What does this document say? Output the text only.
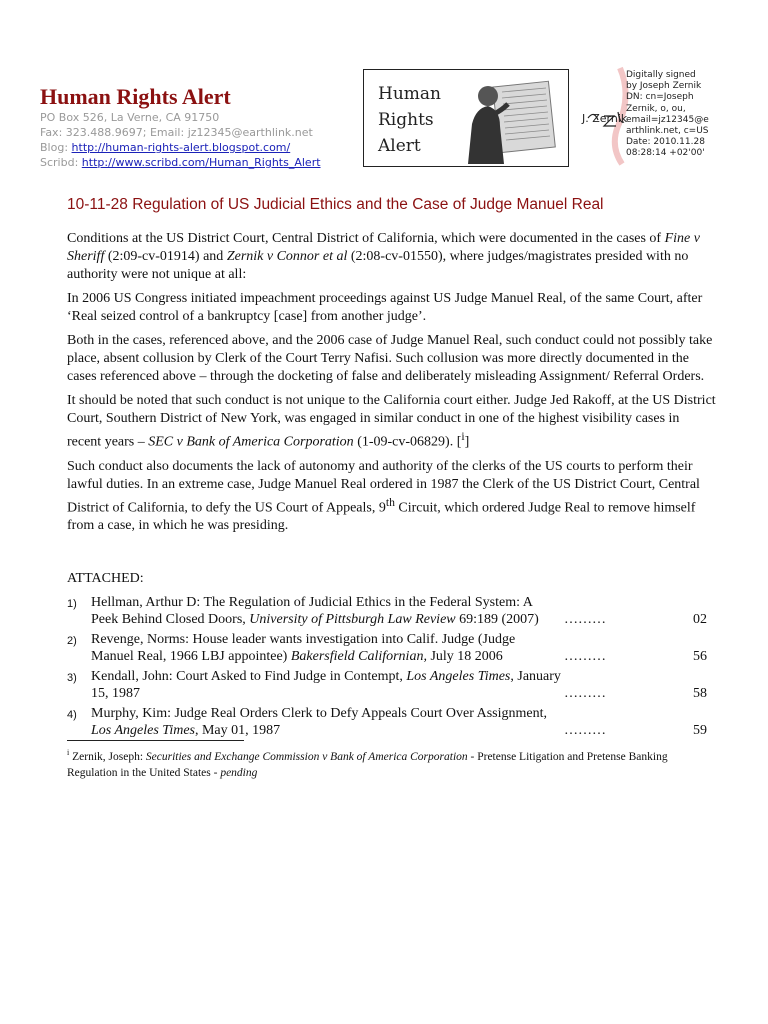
Human Rights Alert
PO Box 526, La Verne, CA 91750
Fax: 323.488.9697; Email: jz12345@earthlink.net
Blog: http://human-rights-alert.blogspot.com/
Scribd: http://www.scribd.com/Human_Rights_Alert
Human
Rights
Alert
J. Zernik
Digitally signed
by Joseph Zernik
DN: cn=Joseph
Zernik, o, ou,
email=jz12345@e
arthlink.net, c=US
Date: 2010.11.28
08:28:14 +02'00'
10-11-28 Regulation of US Judicial Ethics and the Case of Judge Manuel Real

Conditions at the US District Court, Central District of California, which were documented in the cases of Fine v Sheriff (2:09-cv-01914) and Zernik v Connor et al (2:08-cv-01550), where judges/magistrates presided with no authority were not unique at all:

In 2006 US Congress initiated impeachment proceedings against US Judge Manuel Real, of the same Court, after ‘Real seized control of a bankruptcy [case] from another judge’.

Both in the cases, referenced above, and the 2006 case of Judge Manuel Real, such conduct could not possibly take place, absent collusion by Clerk of the Court Terry Nafisi. Such collusion was more directly documented in the cases referenced above – through the docketing of false and deliberately misleading Assignment/ Referral Orders.

It should be noted that such conduct is not unique to the California court either. Judge Jed Rakoff, at the US District Court, Southern District of New York, was engaged in similar conduct in one of the highest visibility cases in recent years – SEC v Bank of America Corporation (1-09-cv-06829). [$^i$]

Such conduct also documents the lack of autonomy and authority of the clerks of the US courts to perform their lawful duties. In an extreme case, Judge Manuel Real ordered in 1987 the Clerk of the US District Court, Central District of California, to defy the US Court of Appeals, 9th Circuit, which ordered Judge Real to remove himself from a case, in which he was presiding.

ATTACHED:
1) Hellman, Arthur D: The Regulation of Judicial Ethics in the Federal System: A Peek Behind Closed Doors, University of Pittsburgh Law Review 69:189 (2007)	………	02
2) Revenge, Norms: House leader wants investigation into Calif. Judge (Judge Manuel Real, 1966 LBJ appointee) Bakersfield Californian, July 18 2006	………	56
3) Kendall, John: Court Asked to Find Judge in Contempt, Los Angeles Times, January 15, 1987	………	58
4) Murphy, Kim: Judge Real Orders Clerk to Defy Appeals Court Over Assignment, Los Angeles Times, May 01, 1987	………	59
$^i$ Zernik, Joseph: Securities and Exchange Commission v Bank of America Corporation - Pretense Litigation and Pretense Banking Regulation in the United States - pending
